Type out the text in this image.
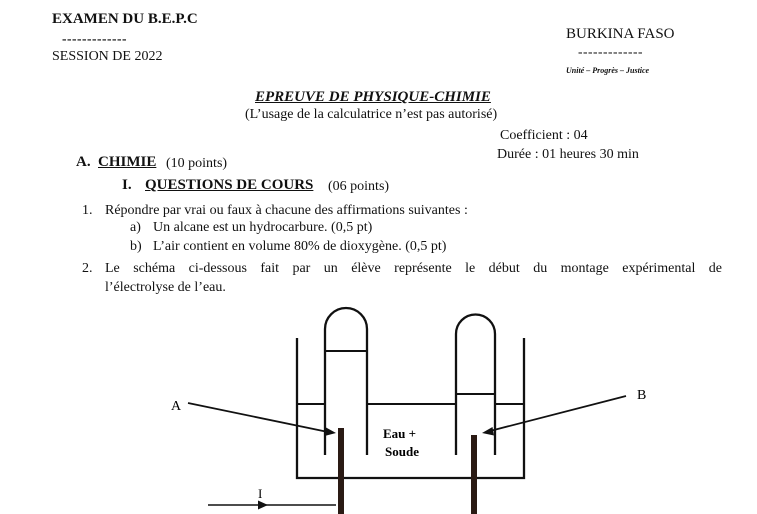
EXAMEN DU B.E.P.C
-------------
SESSION DE 2022
BURKINA FASO
-------------
Unité – Progrès – Justice
EPREUVE DE PHYSIQUE-CHIMIE
(L’usage de la calculatrice n’est pas autorisé)
Coefficient : 04
Durée : 01 heures 30 min
A. CHIMIE (10 points)
I. QUESTIONS DE COURS (06 points)
1. Répondre par vrai ou faux à chacune des affirmations suivantes :
a) Un alcane est un hydrocarbure. (0,5 pt)
b) L’air contient en volume 80% de dioxygène. (0,5 pt)
2. Le schéma ci-dessous fait par un élève représente le début du montage expérimental de
l’électrolyse de l’eau.
A
B
I
Eau +
Soude
